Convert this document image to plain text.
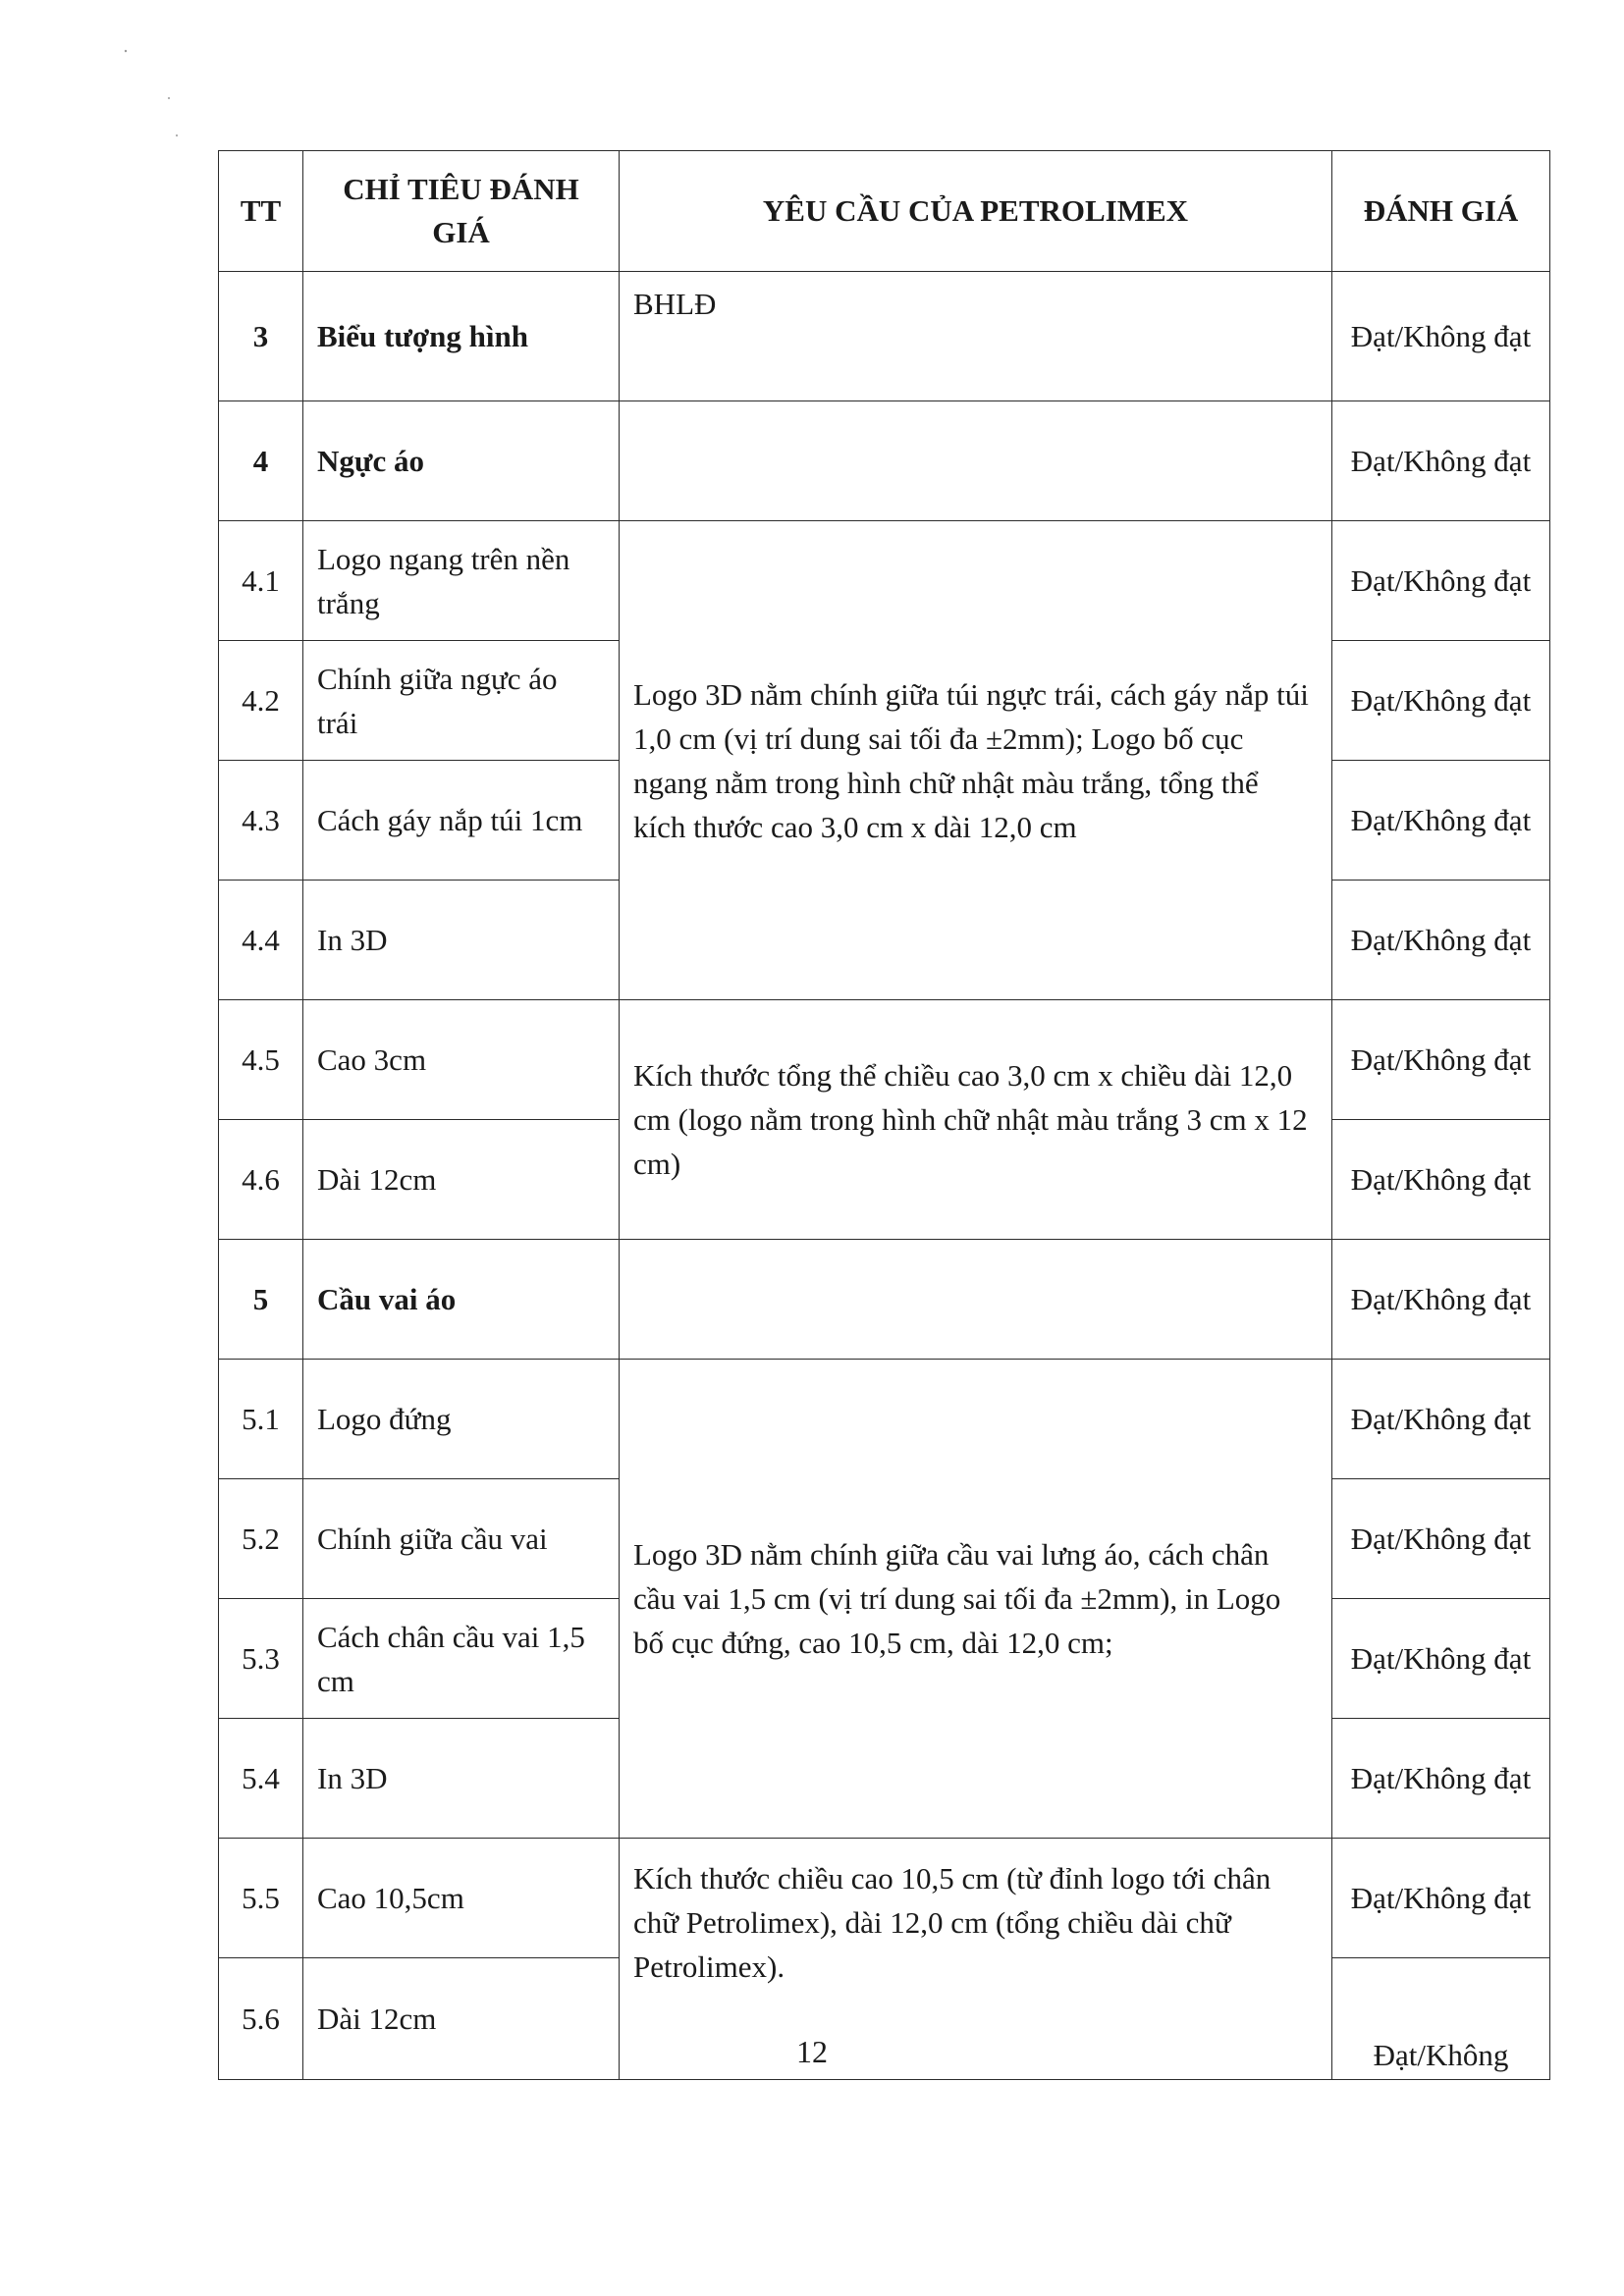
TT	CHỈ TIÊU ĐÁNH GIÁ	YÊU CẦU CỦA PETROLIMEX	ĐÁNH GIÁ
3	Biểu tượng hình	BHLĐ	Đạt/Không đạt
4	Ngực áo		Đạt/Không đạt
4.1	Logo ngang trên nền trắng	Logo 3D nằm chính giữa túi ngực trái, cách gáy nắp túi 1,0 cm (vị trí dung sai tối đa ±2mm); Logo bố cục ngang nằm trong hình chữ nhật màu trắng, tổng thể kích thước cao 3,0 cm x dài 12,0 cm	Đạt/Không đạt
4.2	Chính giữa ngực áo trái		Đạt/Không đạt
4.3	Cách gáy nắp túi 1cm		Đạt/Không đạt
4.4	In 3D		Đạt/Không đạt
4.5	Cao 3cm	Kích thước tổng thể chiều cao 3,0 cm x chiều dài 12,0 cm (logo nằm trong hình chữ nhật màu trắng 3 cm x 12 cm)	Đạt/Không đạt
4.6	Dài 12cm		Đạt/Không đạt
5	Cầu vai áo		Đạt/Không đạt
5.1	Logo đứng	Logo 3D nằm chính giữa cầu vai lưng áo, cách chân cầu vai 1,5 cm (vị trí dung sai tối đa ±2mm), in Logo bố cục đứng, cao 10,5 cm, dài 12,0 cm;	Đạt/Không đạt
5.2	Chính giữa cầu vai		Đạt/Không đạt
5.3	Cách chân cầu vai 1,5 cm		Đạt/Không đạt
5.4	In 3D		Đạt/Không đạt
5.5	Cao 10,5cm	Kích thước chiều cao 10,5 cm (từ đỉnh logo tới chân chữ Petrolimex), dài 12,0 cm (tổng chiều dài chữ Petrolimex).	Đạt/Không đạt
5.6	Dài 12cm		Đạt/Không
12
